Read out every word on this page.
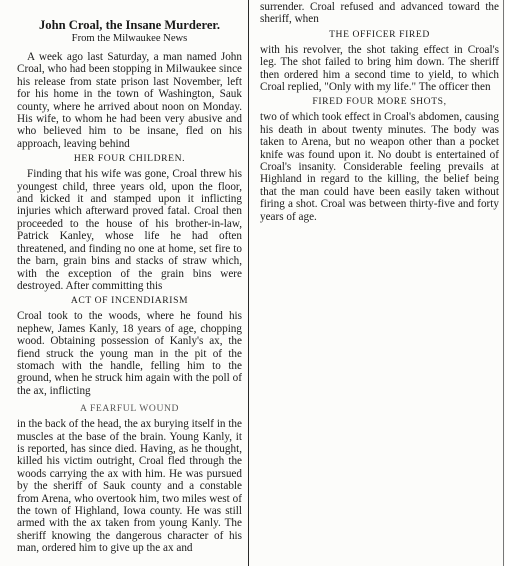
John Croal, the Insane Murderer.
From the Milwaukee News

A week ago last Saturday, a man named John Croal, who had been stopping in Milwaukee since his release from state prison last November, left for his home in the town of Washington, Sauk county, where he arrived about noon on Monday. His wife, to whom he had been very abusive and who believed him to be insane, fled on his approach, leaving behind

HER FOUR CHILDREN.

Finding that his wife was gone, Croal threw his youngest child, three years old, upon the floor, and kicked it and stamped upon it inflicting injuries which afterward proved fatal. Croal then proceeded to the house of his brother-in-law, Patrick Kanley, whose life he had often threatened, and finding no one at home, set fire to the barn, grain bins and stacks of straw which, with the exception of the grain bins were destroyed. After committing this

ACT OF INCENDIARISM

Croal took to the woods, where he found his nephew, James Kanly, 18 years of age, chopping wood. Obtaining possession of Kanly's ax, the fiend struck the young man in the pit of the stomach with the handle, felling him to the ground, when he struck him again with the poll of the ax, inflicting

A FEARFUL WOUND

in the back of the head, the ax burying itself in the muscles at the base of the brain. Young Kanly, it is reported, has since died. Having, as he thought, killed his victim outright, Croal fled through the woods carrying the ax with him. He was pursued by the sheriff of Sauk county and a constable from Arena, who overtook him, two miles west of the town of Highland, Iowa county. He was still armed with the ax taken from young Kanly. The sheriff knowing the dangerous character of his man, ordered him to give up the ax and

surrender. Croal refused and advanced toward the sheriff, when

THE OFFICER FIRED

with his revolver, the shot taking effect in Croal's leg. The shot failed to bring him down. The sheriff then ordered him a second time to yield, to which Croal replied, "Only with my life." The officer then

FIRED FOUR MORE SHOTS,

two of which took effect in Croal's abdomen, causing his death in about twenty minutes. The body was taken to Arena, but no weapon other than a pocket knife was found upon it. No doubt is entertained of Croal's insanity. Considerable feeling prevails at Highland in regard to the killing, the belief being that the man could have been easily taken without firing a shot. Croal was between thirty-five and forty years of age.
